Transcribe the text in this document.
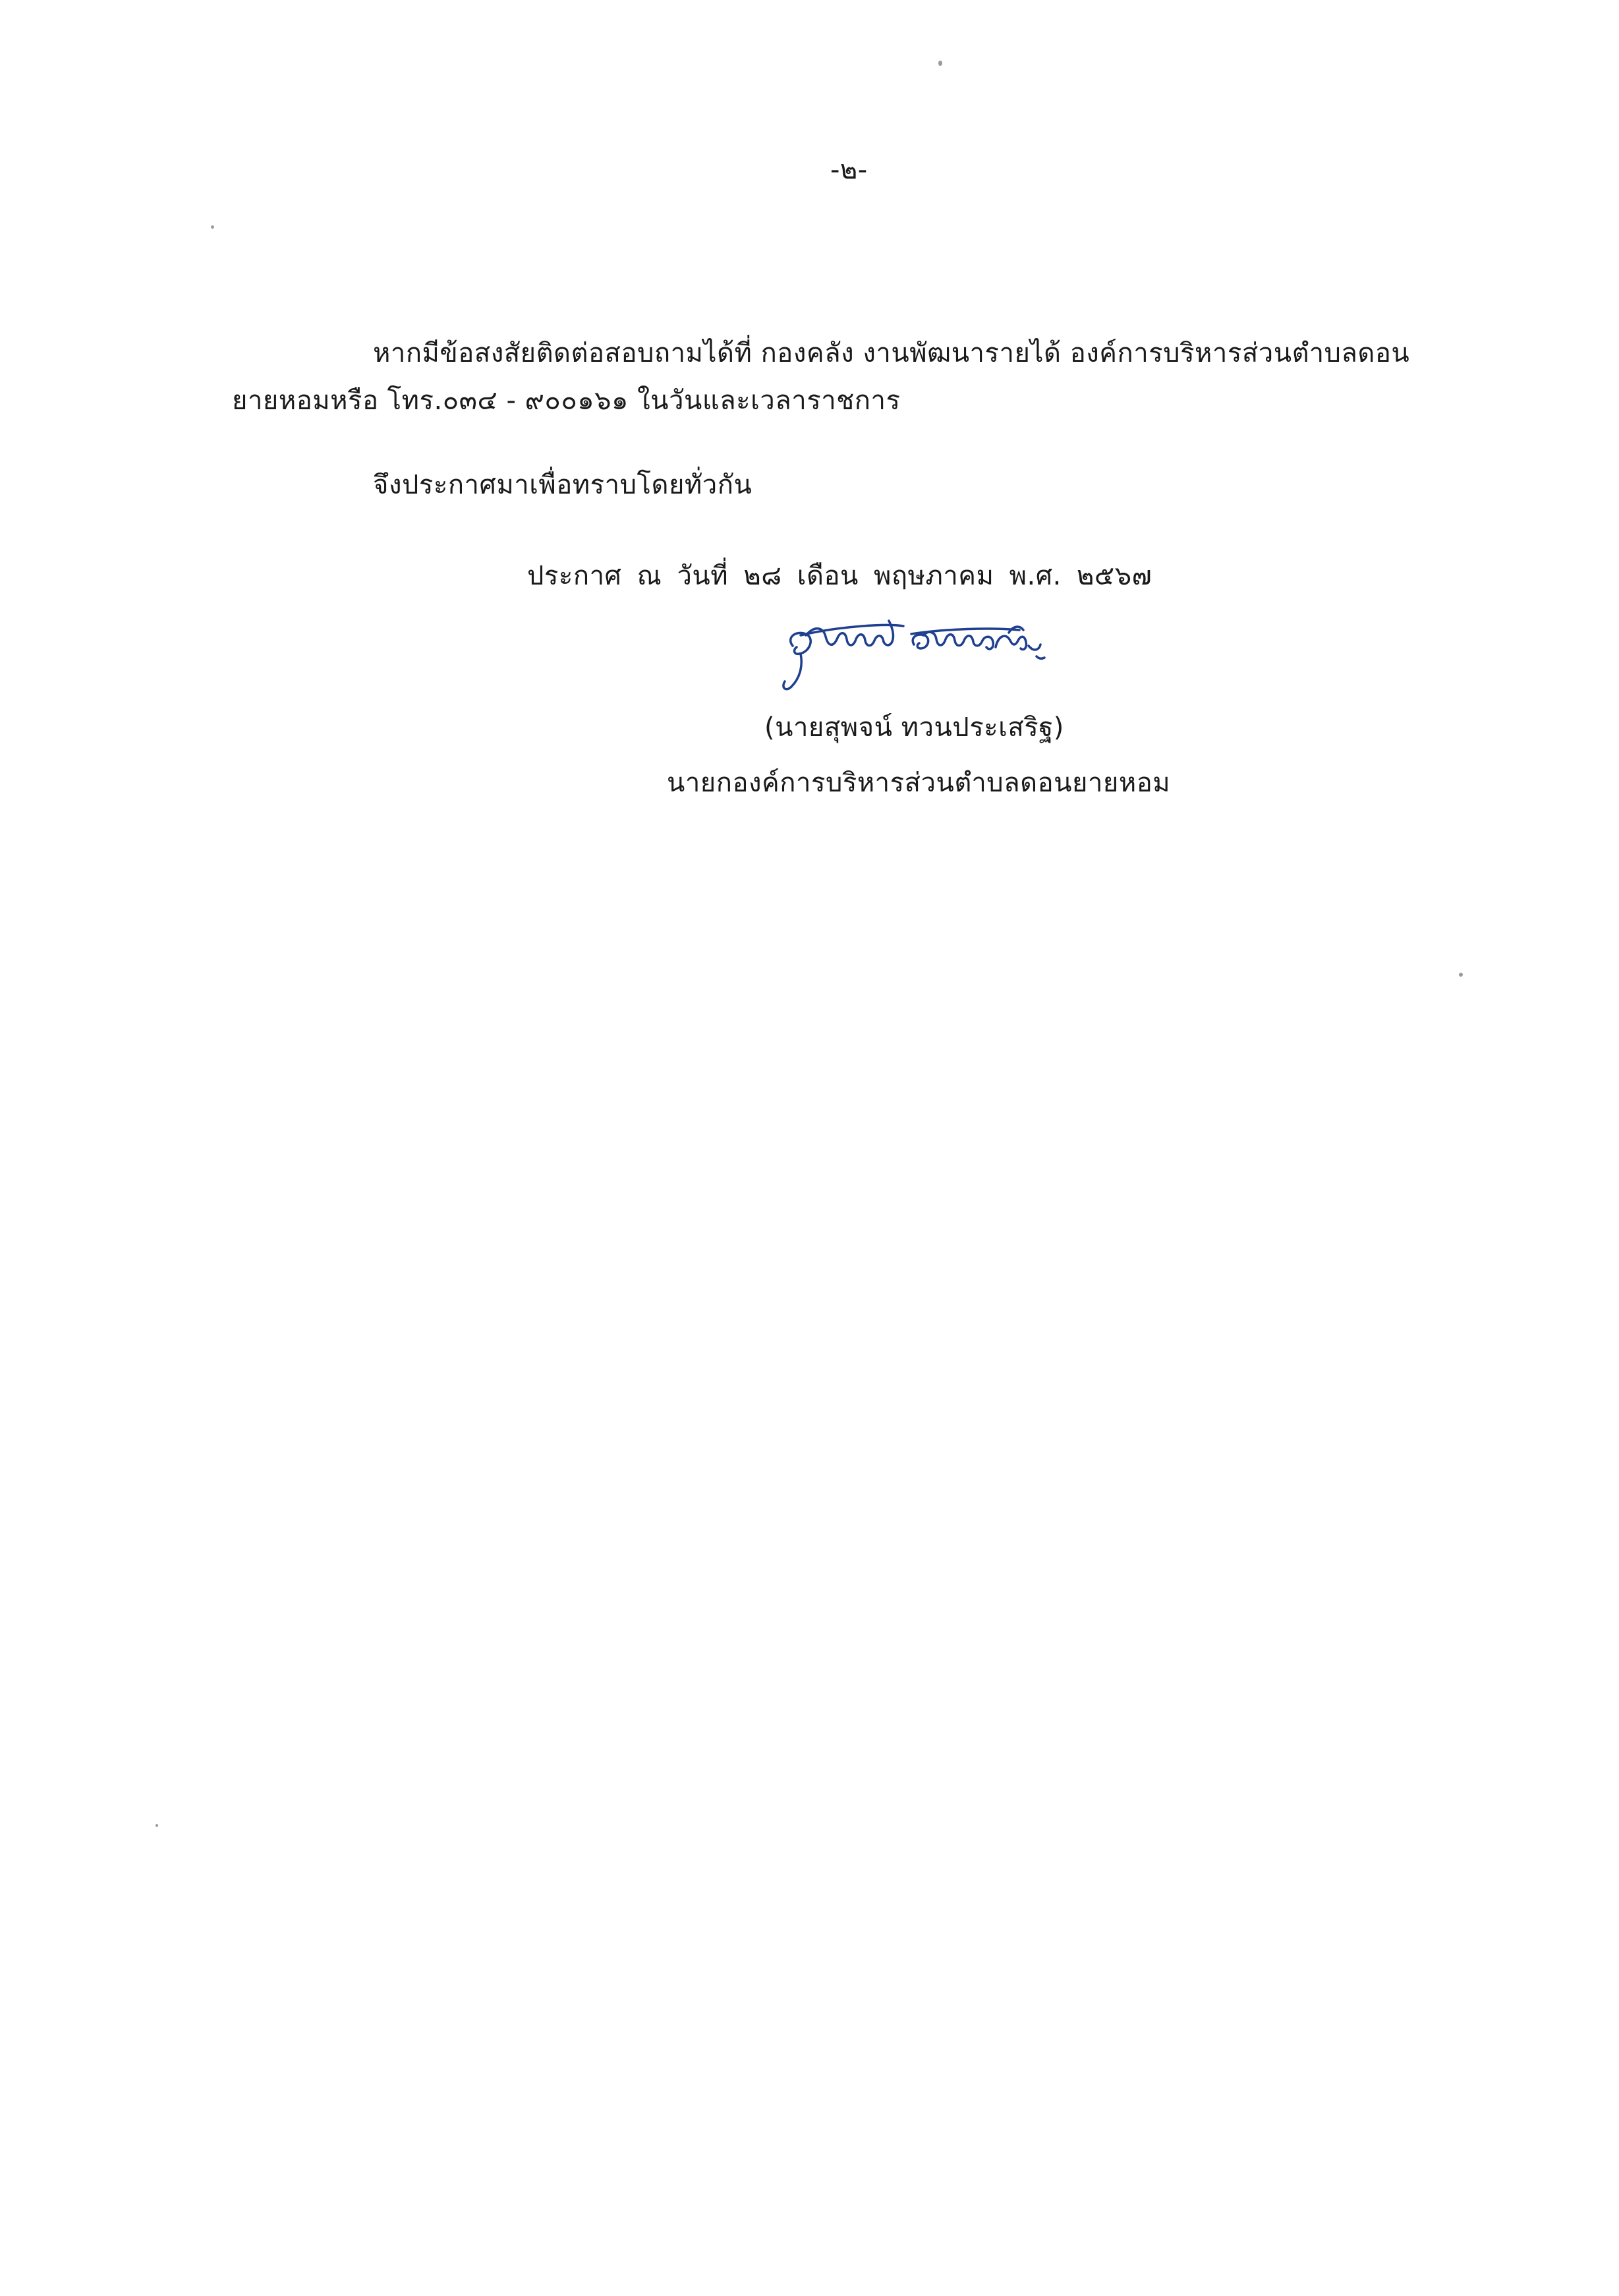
-๒-
หากมีข้อสงสัยติดต่อสอบถามได้ที่ กองคลัง งานพัฒนารายได้ องค์การบริหารส่วนตำบลดอน
ยายหอมหรือ โทร.๐๓๔ - ๙๐๐๑๖๑ ในวันและเวลาราชการ
จึงประกาศมาเพื่อทราบโดยทั่วกัน
ประกาศ ณ วันที่ ๒๘ เดือน พฤษภาคม พ.ศ. ๒๕๖๗
(นายสุพจน์ ทวนประเสริฐ)
นายกองค์การบริหารส่วนตำบลดอนยายหอม
